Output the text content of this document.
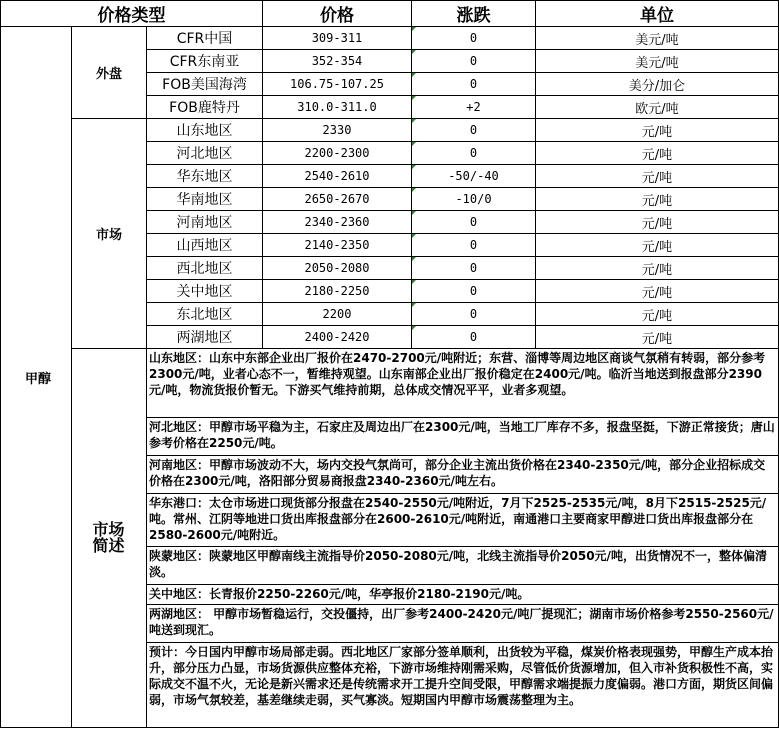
价格类型			价格	涨跌	单位
甲醇	外盘	CFR中国	309-311	0	美元/吨
		CFR东南亚	352-354	0	美元/吨
		FOB美国海湾	106.75-107.25	0	美分/加仑
		FOB鹿特丹	310.0-311.0	+2	欧元/吨
	市场	山东地区	2330	0	元/吨
		河北地区	2200-2300	0	元/吨
		华东地区	2540-2610	-50/-40	元/吨
		华南地区	2650-2670	-10/0	元/吨
		河南地区	2340-2360	0	元/吨
		山西地区	2140-2350	0	元/吨
		西北地区	2050-2080	0	元/吨
		关中地区	2180-2250	0	元/吨
		东北地区	2200	0	元/吨
		两湖地区	2400-2420	0	元/吨

	市场
简述	山东地区：山东中东部企业出厂报价在2470-2700元/吨附近；东营、淄博等周边地区商谈气氛稍有转弱，部分参考2300元/吨，业者心态不一，暂维持观望。山东南部企业出厂报价稳定在2400元/吨。临沂当地送到报盘部分2390元/吨，物流货报价暂无。下游买气维持前期，总体成交情况平平，业者多观望。			
		河北地区：甲醇市场平稳为主，石家庄及周边出厂在2300元/吨，当地工厂库存不多，报盘坚挺，下游正常接货；唐山参考价格在2250元/吨。			
		河南地区：甲醇市场波动不大，场内交投气氛尚可，部分企业主流出货价格在2340-2350元/吨，部分企业招标成交价格在2300元/吨，洛阳部分贸易商报盘2340-2360元/吨左右。			
		华东港口：太仓市场进口现货部分报盘在2540-2550元/吨附近，7月下2525-2535元/吨，8月下2515-2525元/吨。常州、江阴等地进口货出库报盘部分在2600-2610元/吨附近，南通港口主要商家甲醇进口货出库报盘部分在2580-2600元/吨附近。			
		陕蒙地区：陕蒙地区甲醇南线主流指导价2050-2080元/吨，北线主流指导价2050元/吨，出货情况不一，整体偏清淡。			
		关中地区：长青报价2250-2260元/吨，华亭报价2180-2190元/吨。			
		两湖地区： 甲醇市场暂稳运行，交投僵持，出厂参考2400-2420元/吨厂提现汇；湖南市场价格参考2550-2560元/吨送到现汇。			
		预计：今日国内甲醇市场局部走弱。西北地区厂家部分签单顺利，出货较为平稳，煤炭价格表现强势，甲醇生产成本抬升，部分压力凸显，市场货源供应整体充裕，下游市场维持刚需采购，尽管低价货源增加，但入市补货积极性不高，实际成交不温不火，无论是新兴需求还是传统需求开工提升空间受限，甲醇需求端提振力度偏弱。港口方面，期货区间偏弱，市场气氛较差，基差继续走弱，买气寡淡。短期国内甲醇市场震荡整理为主。			
